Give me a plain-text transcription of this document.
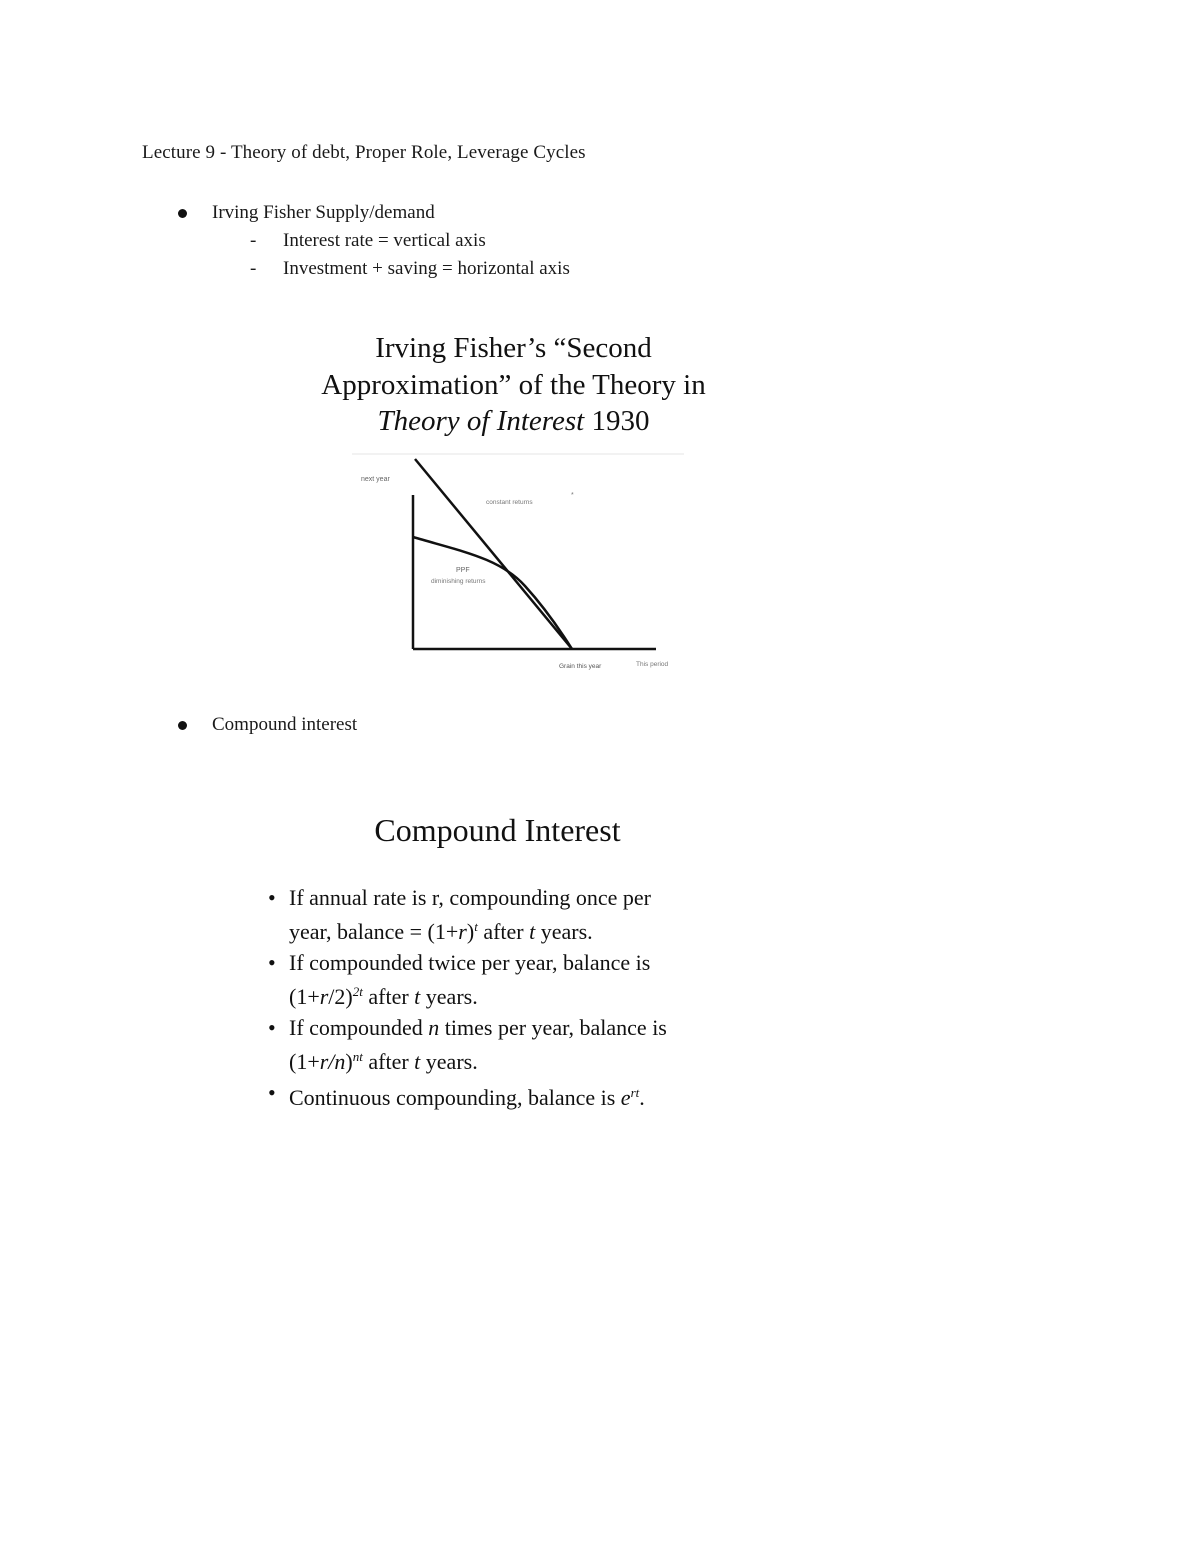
Lecture 9 - Theory of debt, Proper Role, Leverage Cycles
Irving Fisher Supply/demand
- Interest rate = vertical axis
- Investment + saving = horizontal axis
Irving Fisher’s “Second
Approximation” of the Theory in
Theory of Interest 1930
next year
constant returns
*
PPF
diminishing returns
Grain this year	This period
Compound interest
Compound Interest
• If annual rate is r, compounding once per
year, balance = $(1+r)^t$ after t years.
• If compounded twice per year, balance is
$(1+r/2)^{2t}$ after t years.
• If compounded n times per year, balance is
$(1+r/n)^{nt}$ after t years.
• Continuous compounding, balance is $e^{rt}$.
